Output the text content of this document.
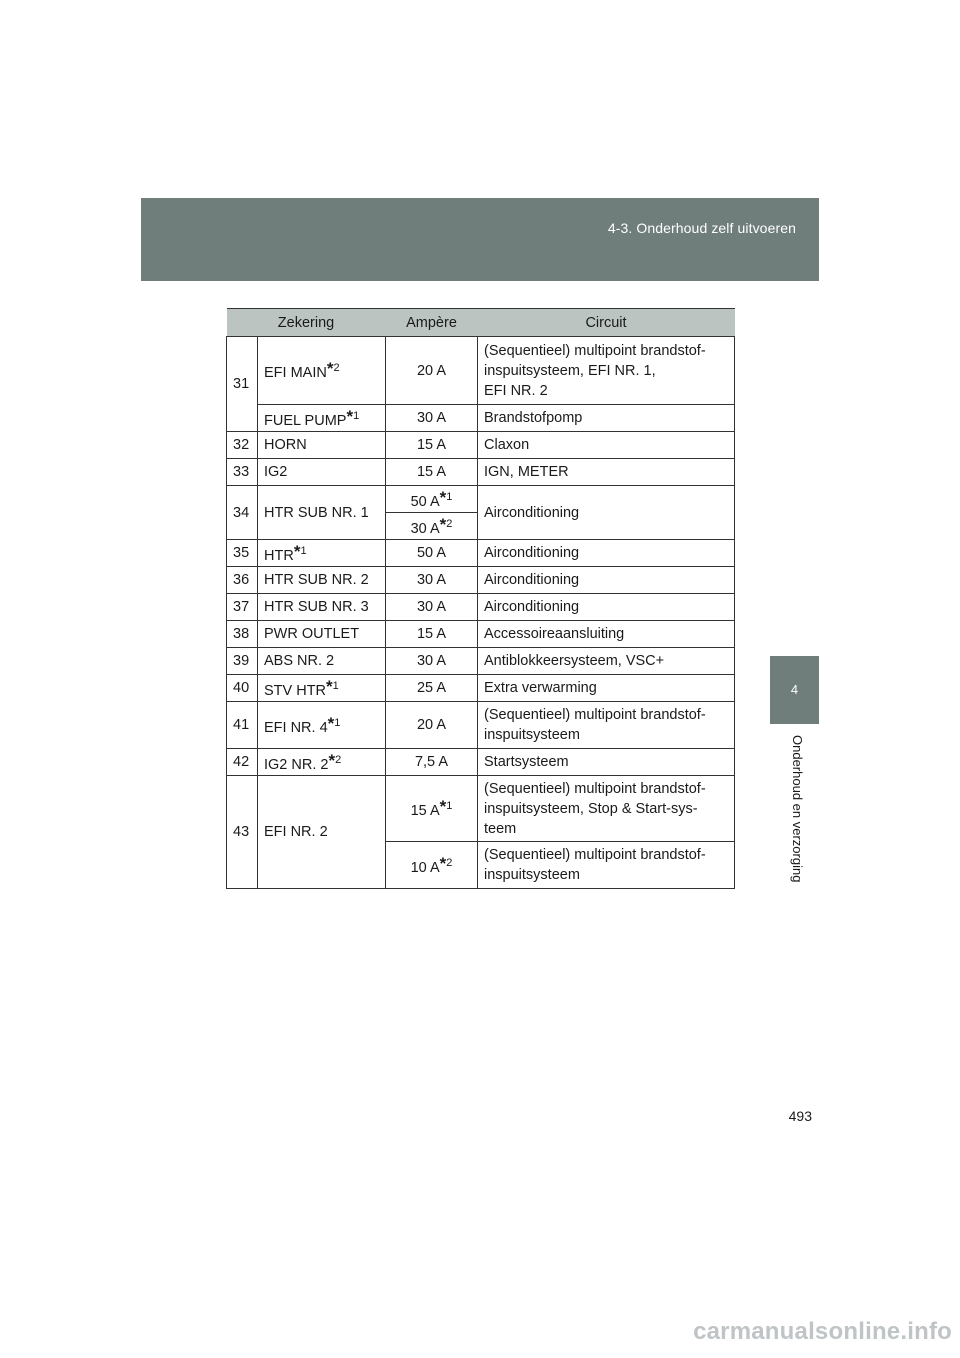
4-3. Onderhoud zelf uitvoeren
4
Onderhoud en verzorging
Zekering		Ampère	Circuit
31	EFI MAIN$^{*2}$	20 A	(Sequentieel) multipoint brandstof-
inspuitsysteem, EFI NR. 1,
EFI NR. 2
	FUEL PUMP$^{*1}$	30 A	Brandstofpomp
32	HORN	15 A	Claxon
33	IG2	15 A	IGN, METER
34	HTR SUB NR. 1	50 A$^{*1}$	Airconditioning
		30 A$^{*2}$
35	HTR$^{*1}$	50 A	Airconditioning
36	HTR SUB NR. 2	30 A	Airconditioning
37	HTR SUB NR. 3	30 A	Airconditioning
38	PWR OUTLET	15 A	Accessoireaansluiting
39	ABS NR. 2	30 A	Antiblokkeersysteem, VSC+
40	STV HTR$^{*1}$	25 A	Extra verwarming
41	EFI NR. 4$^{*1}$	20 A	(Sequentieel) multipoint brandstof-
inspuitsysteem
42	IG2 NR. 2$^{*2}$	7,5 A	Startsysteem
43	EFI NR. 2	15 A$^{*1}$	(Sequentieel) multipoint brandstof-
inspuitsysteem, Stop & Start-sys-
teem
		10 A$^{*2}$	(Sequentieel) multipoint brandstof-
inspuitsysteem
493
carmanualsonline.info
